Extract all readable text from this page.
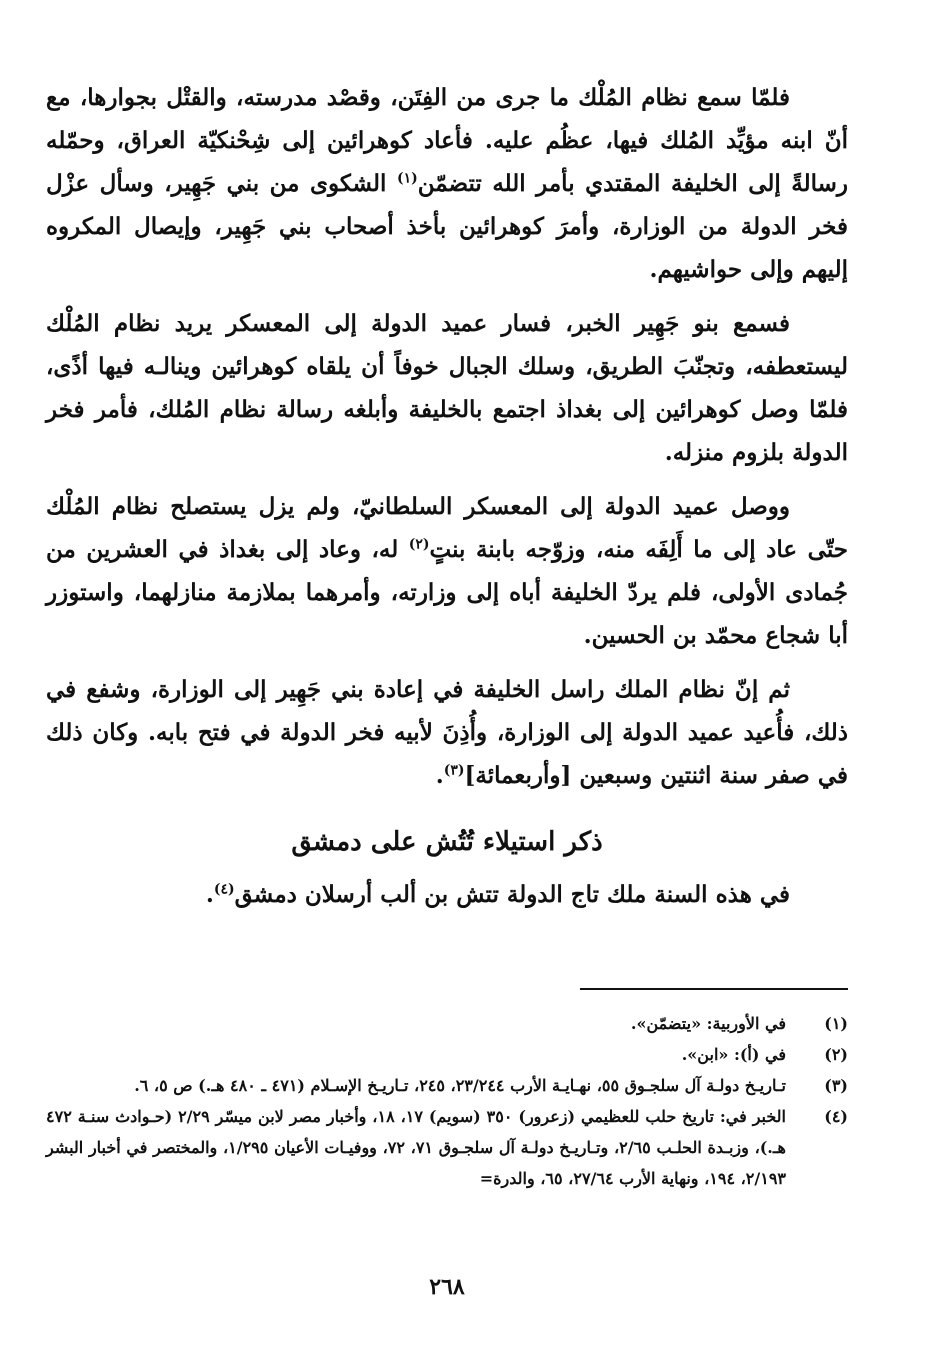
فلمّا سمع نظام المُلْك ما جرى من الفِتَن، وقصْد مدرسته، والقتْل بجوارها، مع أنّ ابنه مؤيِّد المُلك فيها، عظُم عليه. فأعاد كوهرائين إلى شِحْنكيّة العراق، وحمّله رسالةً إلى الخليفة المقتدي بأمر الله تتضمّن$^{(١)}$ الشكوى من بني جَهِير، وسأل عزْل فخر الدولة من الوزارة، وأمرَ كوهرائين بأخذ أصحاب بني جَهِير، وإيصال المكروه إليهم وإلى حواشيهم.

فسمع بنو جَهِير الخبر، فسار عميد الدولة إلى المعسكر يريد نظام المُلْك ليستعطفه، وتجنّبَ الطريق، وسلك الجبال خوفاً أن يلقاه كوهرائين وينالـه فيها أذًى، فلمّا وصل كوهرائين إلى بغداذ اجتمع بالخليفة وأبلغه رسالة نظام المُلك، فأمر فخر الدولة بلزوم منزله.

ووصل عميد الدولة إلى المعسكر السلطانيّ، ولم يزل يستصلح نظام المُلْك حتّى عاد إلى ما أَلِفَه منه، وزوّجه بابنة بنتٍ$^{(٢)}$ له، وعاد إلى بغداذ في العشرين من جُمادى الأولى، فلم يردّ الخليفة أباه إلى وزارته، وأمرهما بملازمة منازلهما، واستوزر أبا شجاع محمّد بن الحسين.

ثم إنّ نظام الملك راسل الخليفة في إعادة بني جَهِير إلى الوزارة، وشفع في ذلك، فأُعيد عميد الدولة إلى الوزارة، وأُذِنَ لأبيه فخر الدولة في فتح بابه. وكان ذلك في صفر سنة اثنتين وسبعين [وأربعمائة]$^{(٣)}$.

ذكر استيلاء تُتُش على دمشق

في هذه السنة ملك تاج الدولة تتش بن ألب أرسلان دمشق$^{(٤)}$.

(١)
في الأوربية: «يتضمّن».
(٢)
في (أ): «ابن».
(٣)
تـاريـخ دولـة آل سلجـوق ٥٥، نهـايـة الأرب ٢٣/٢٤٤، ٢٤٥، تـاريـخ الإسـلام (٤٧١ ـ ٤٨٠ هـ.) ص ٥، ٦.
(٤)
الخبر في: تاريخ حلب للعظيمي (زعرور) ٣٥٠ (سويم) ١٧، ١٨، وأخبار مصر لابن ميسّر ٢/٢٩ (حـوادث سنـة ٤٧٢ هـ.)، وزبـدة الحلـب ٢/٦٥، وتـاريـخ دولـة آل سلجـوق ٧١، ٧٢، ووفيـات الأعيان ١/٢٩٥، والمختصر في أخبار البشر ٢/١٩٣، ١٩٤، ونهاية الأرب ٢٧/٦٤، ٦٥، والدرة=
٢٦٨
